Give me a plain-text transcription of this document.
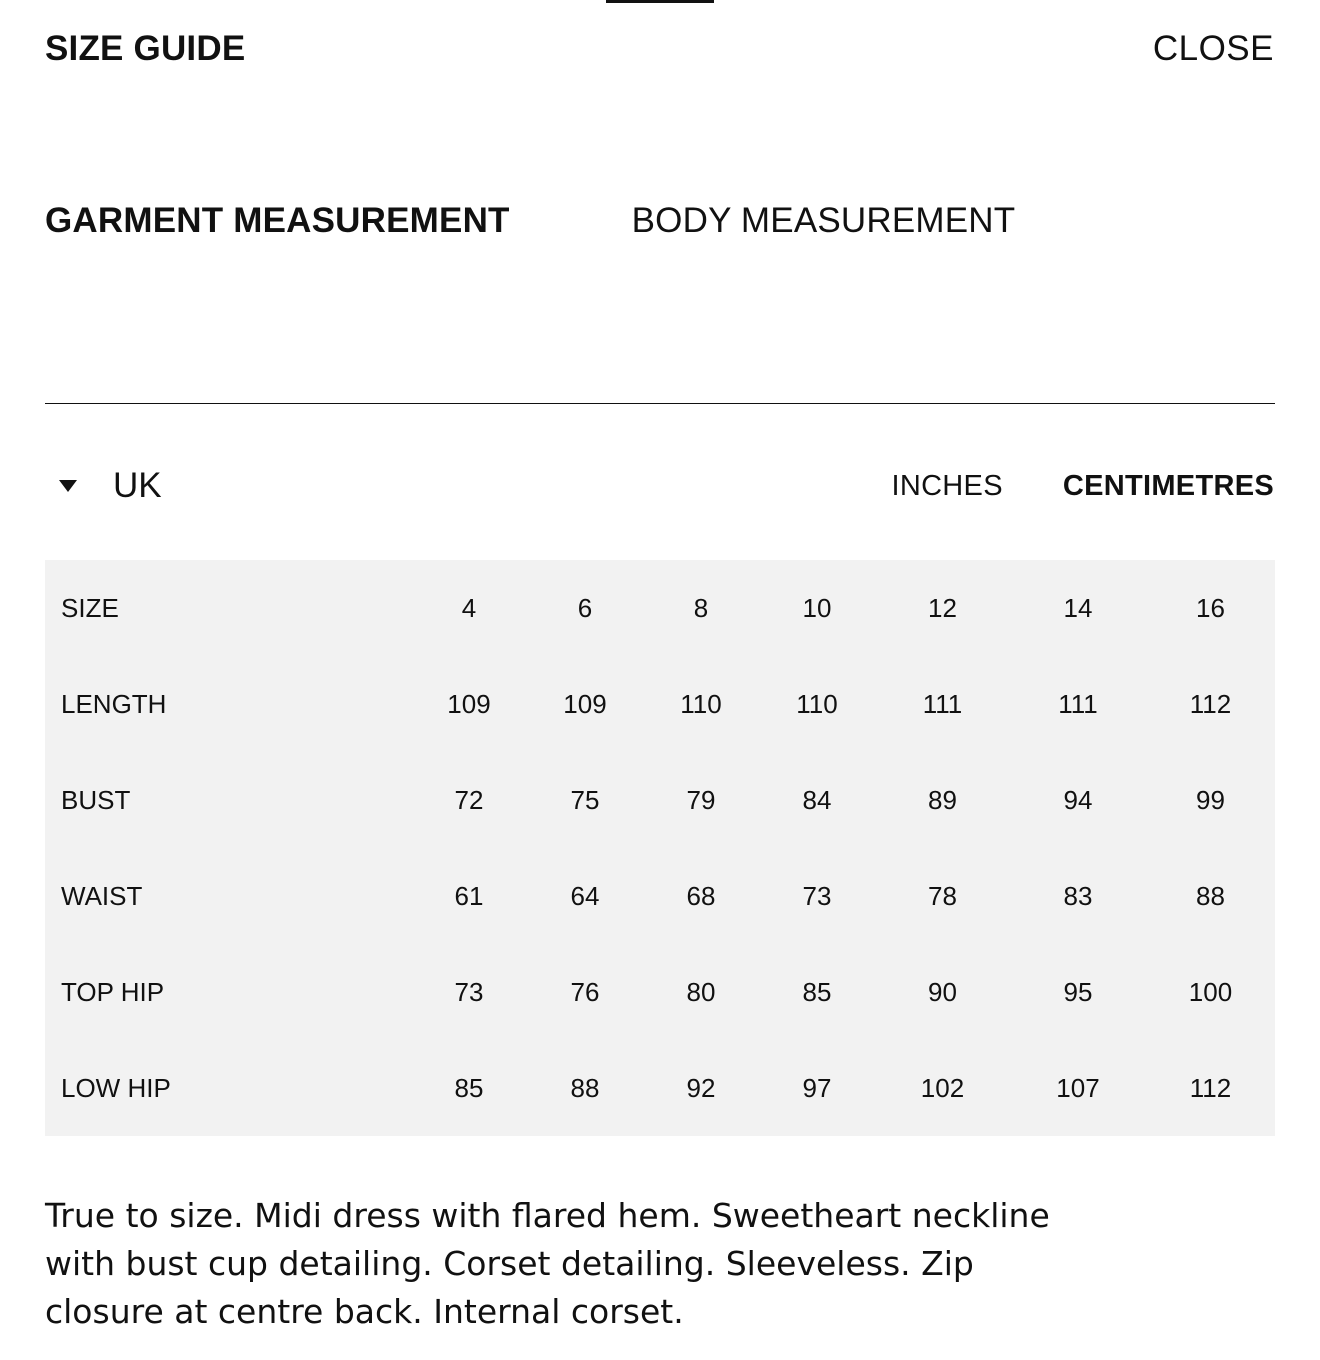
SIZE GUIDE	CLOSE
GARMENT MEASUREMENT	BODY MEASUREMENT
UK	INCHES CENTIMETRES
SIZE	4	6	8	10	12	14	16
LENGTH	109	109	110	110	111	111	112
BUST	72	75	79	84	89	94	99
WAIST	61	64	68	73	78	83	88
TOP HIP	73	76	80	85	90	95	100
LOW HIP	85	88	92	97	102	107	112
True to size. Midi dress with flared hem. Sweetheart neckline with bust cup detailing. Corset detailing. Sleeveless. Zip closure at centre back. Internal corset.
